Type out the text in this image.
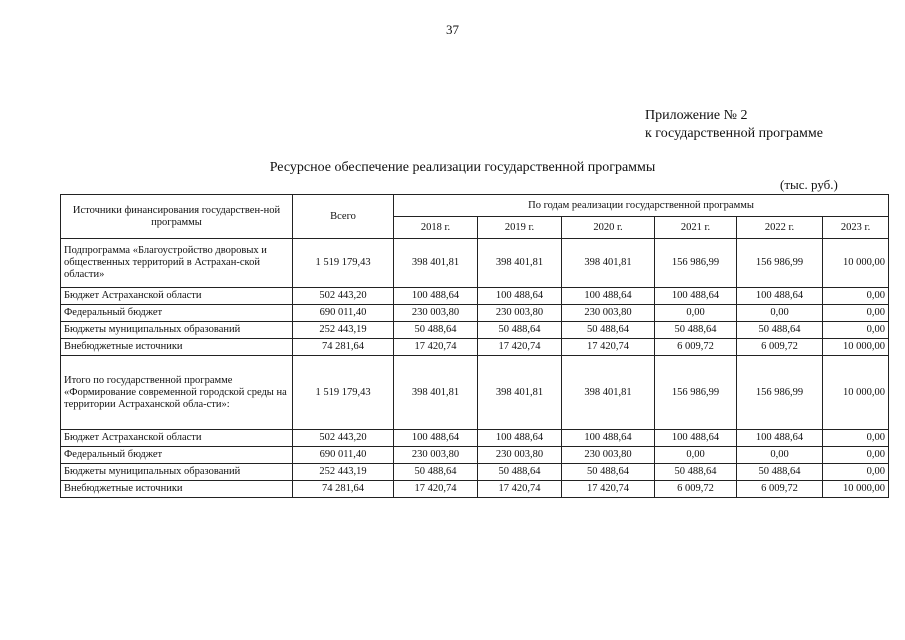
37
Приложение № 2
к государственной программе
Ресурсное обеспечение реализации государственной программы
(тыс. руб.)
Источники финансирования государствен-ной программы	Всего	По годам реализации государственной программы					
		2018 г.	2019 г.	2020 г.	2021 г.	2022 г.	2023 г.
Подпрограмма «Благоустройство дворовых и общественных территорий в Астрахан-ской области»	1 519 179,43	398 401,81	398 401,81	398 401,81	156 986,99	156 986,99	10 000,00
Бюджет Астраханской области	502 443,20	100 488,64	100 488,64	100 488,64	100 488,64	100 488,64	0,00
Федеральный бюджет	690 011,40	230 003,80	230 003,80	230 003,80	0,00	0,00	0,00
Бюджеты муниципальных образований	252 443,19	50 488,64	50 488,64	50 488,64	50 488,64	50 488,64	0,00
Внебюджетные источники	74 281,64	17 420,74	17 420,74	17 420,74	6 009,72	6 009,72	10 000,00
Итого по государственной программе «Формирование современной городской среды на территории Астраханской обла-сти»:	1 519 179,43	398 401,81	398 401,81	398 401,81	156 986,99	156 986,99	10 000,00
Бюджет Астраханской области	502 443,20	100 488,64	100 488,64	100 488,64	100 488,64	100 488,64	0,00
Федеральный бюджет	690 011,40	230 003,80	230 003,80	230 003,80	0,00	0,00	0,00
Бюджеты муниципальных образований	252 443,19	50 488,64	50 488,64	50 488,64	50 488,64	50 488,64	0,00
Внебюджетные источники	74 281,64	17 420,74	17 420,74	17 420,74	6 009,72	6 009,72	10 000,00
